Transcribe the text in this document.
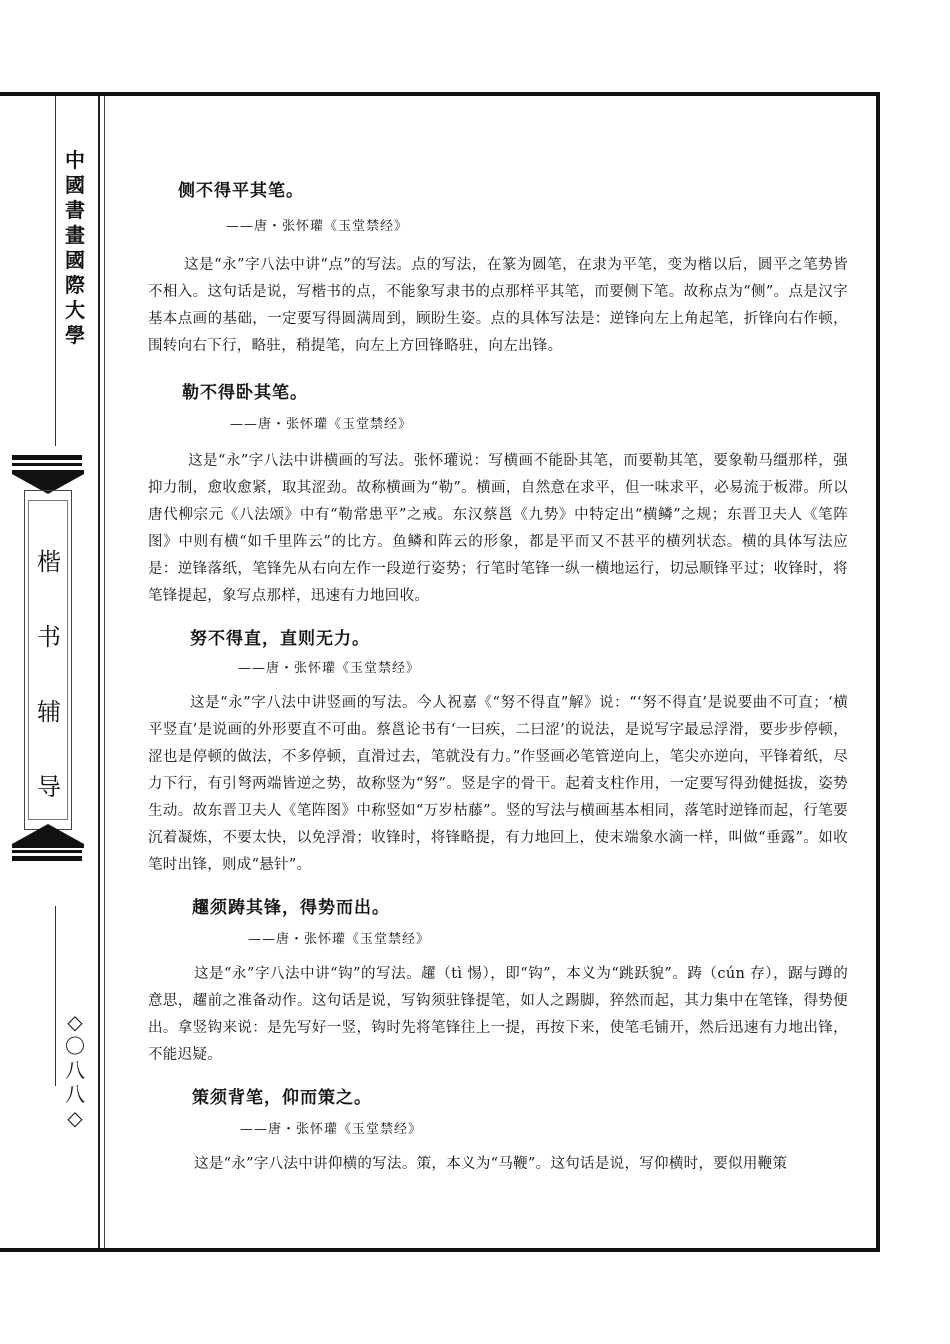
中
國
書
畫
國
際
大
學
楷
书
辅
导
◇
〇
八
八
◇

侧不得平其笔。

——唐・张怀瓘《玉堂禁经》

这是“永”字八法中讲“点”的写法。点的写法，在篆为圆笔，在隶为平笔，变为楷以后，圆平之笔势皆不相入。这句话是说，写楷书的点，不能象写隶书的点那样平其笔，而要侧下笔。故称点为“侧”。点是汉字基本点画的基础，一定要写得圆满周到，顾盼生姿。点的具体写法是：逆锋向左上角起笔，折锋向右作顿，围转向右下行，略驻，稍提笔，向左上方回锋略驻，向左出锋。

勒不得卧其笔。

——唐・张怀瓘《玉堂禁经》

这是“永”字八法中讲横画的写法。张怀瓘说：写横画不能卧其笔，而要勒其笔，要象勒马缰那样，强抑力制，愈收愈紧，取其涩劲。故称横画为“勒”。横画，自然意在求平，但一味求平，必易流于板滞。所以唐代柳宗元《八法颂》中有“勒常患平”之戒。东汉蔡邕《九势》中特定出“横鳞”之规；东晋卫夫人《笔阵图》中则有横“如千里阵云”的比方。鱼鳞和阵云的形象，都是平而又不甚平的横列状态。横的具体写法应是：逆锋落纸，笔锋先从右向左作一段逆行姿势；行笔时笔锋一纵一横地运行，切忌顺锋平过；收锋时，将笔锋提起，象写点那样，迅速有力地回收。

努不得直，直则无力。

——唐・张怀瓘《玉堂禁经》

这是“永”字八法中讲竖画的写法。今人祝嘉《“努不得直”解》说：“‘努不得直’是说要曲不可直；‘横平竖直’是说画的外形要直不可曲。蔡邕论书有‘一曰疾，二曰涩’的说法，是说写字最忌浮滑，要步步停顿，涩也是停顿的做法，不多停顿，直滑过去，笔就没有力。”作竖画必笔管逆向上，笔尖亦逆向，平锋着纸，尽力下行，有引弩两端皆逆之势，故称竖为“努”。竖是字的骨干。起着支柱作用，一定要写得劲健挺拔，姿势生动。故东晋卫夫人《笔阵图》中称竖如“万岁枯藤”。竖的写法与横画基本相同，落笔时逆锋而起，行笔要沉着凝炼，不要太快，以免浮滑；收锋时，将锋略提，有力地回上，使末端象水滴一样，叫做“垂露”。如收笔时出锋，则成“悬针”。

趯须踌其锋，得势而出。

——唐・张怀瓘《玉堂禁经》

这是“永”字八法中讲“钩”的写法。趯（tì 惕），即“钩”，本义为“跳跃貌”。踌（cún 存），踞与蹲的意思，趯前之准备动作。这句话是说，写钩须驻锋提笔，如人之踢脚，猝然而起，其力集中在笔锋，得势便出。拿竖钩来说：是先写好一竖，钩时先将笔锋往上一提，再按下来，使笔毛铺开，然后迅速有力地出锋，不能迟疑。

策须背笔，仰而策之。

——唐・张怀瓘《玉堂禁经》

这是“永”字八法中讲仰横的写法。策，本义为“马鞭”。这句话是说，写仰横时，要似用鞭策
